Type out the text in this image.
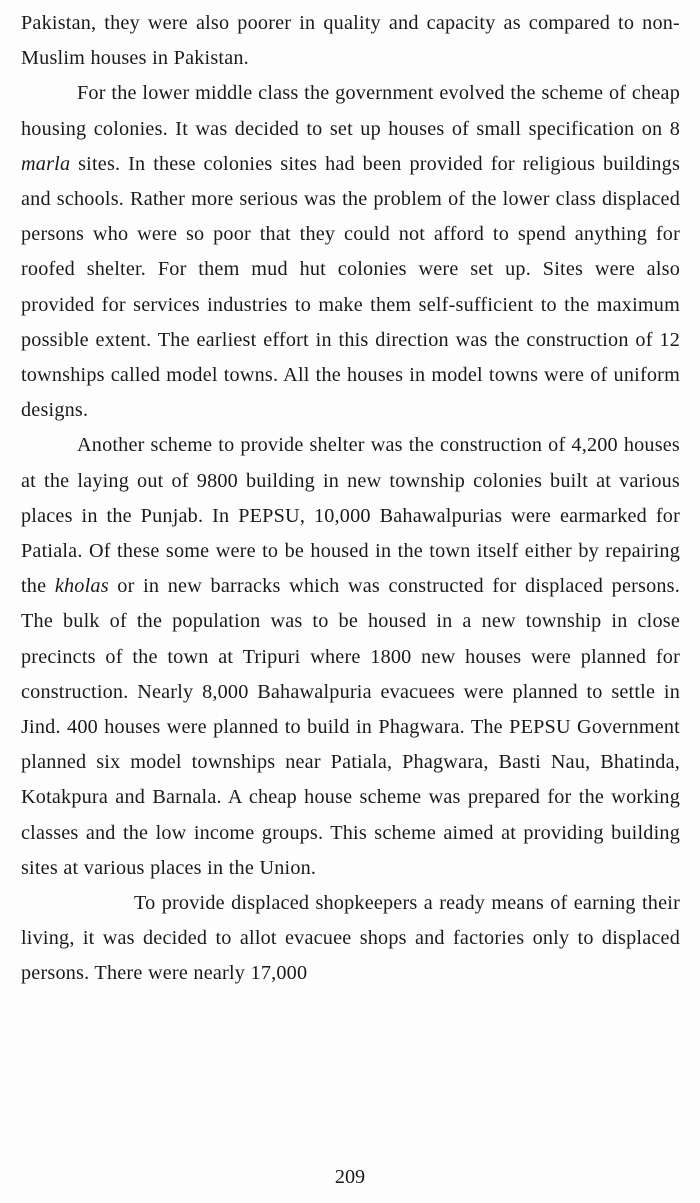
Pakistan, they were also poorer in quality and capacity as compared to non-Muslim houses in Pakistan.

For the lower middle class the government evolved the scheme of cheap housing colonies. It was decided to set up houses of small specification on 8 marla sites. In these colonies sites had been provided for religious buildings and schools. Rather more serious was the problem of the lower class displaced persons who were so poor that they could not afford to spend anything for roofed shelter. For them mud hut colonies were set up. Sites were also provided for services industries to make them self-sufficient to the maximum possible extent. The earliest effort in this direction was the construction of 12 townships called model towns. All the houses in model towns were of uniform designs.

Another scheme to provide shelter was the construction of 4,200 houses at the laying out of 9800 building in new township colonies built at various places in the Punjab. In PEPSU, 10,000 Bahawalpurias were earmarked for Patiala. Of these some were to be housed in the town itself either by repairing the kholas or in new barracks which was constructed for displaced persons. The bulk of the population was to be housed in a new township in close precincts of the town at Tripuri where 1800 new houses were planned for construction. Nearly 8,000 Bahawalpuria evacuees were planned to settle in Jind. 400 houses were planned to build in Phagwara. The PEPSU Government planned six model townships near Patiala, Phagwara, Basti Nau, Bhatinda, Kotakpura and Barnala. A cheap house scheme was prepared for the working classes and the low income groups. This scheme aimed at providing building sites at various places in the Union.

To provide displaced shopkeepers a ready means of earning their living, it was decided to allot evacuee shops and factories only to displaced persons. There were nearly 17,000

209
